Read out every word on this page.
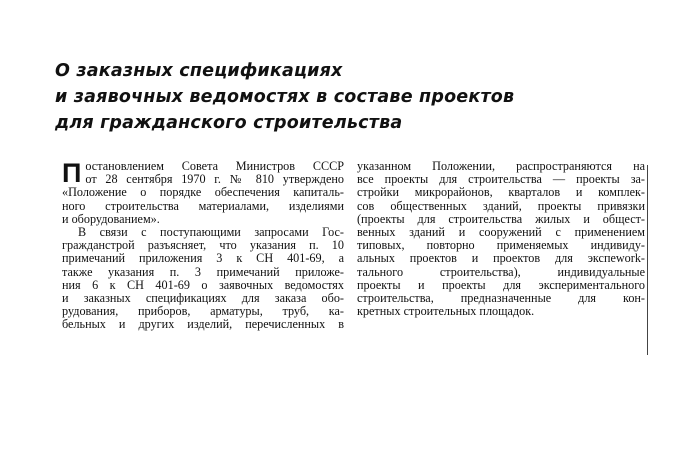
О заказных спецификациях
и заявочных ведомостях в составе проектов
для гражданского строительства
П остановлением Совета Министров СССР
от 28 сентября 1970 г. № 810 утверждено
«Положение о порядке обеспечения капиталь-
ного строительства материалами, изделиями
и оборудованием».
В связи с поступающими запросами Гос-
гражданстрой разъясняет, что указания п. 10
примечаний приложения 3 к СН 401-69, а
также указания п. 3 примечаний приложе-
ния 6 к СН 401-69 о заявочных ведомостях
и заказных спецификациях для заказа обо-
рудования, приборов, арматуры, труб, ка-
бельных и других изделий, перечисленных в
указанном Положении, распространяются на
все проекты для строительства — проекты за-
стройки микрорайонов, кварталов и комплек-
сов общественных зданий, проекты привязки
(проекты для строительства жилых и общест-
венных зданий и сооружений с применением
типовых, повторно применяемых индивиду-
альных проектов и проектов для экспеwork-
тального строительства), индивидуальные
проекты и проекты для экспериментального
строительства, предназначенные для кон-
кретных строительных площадок.
